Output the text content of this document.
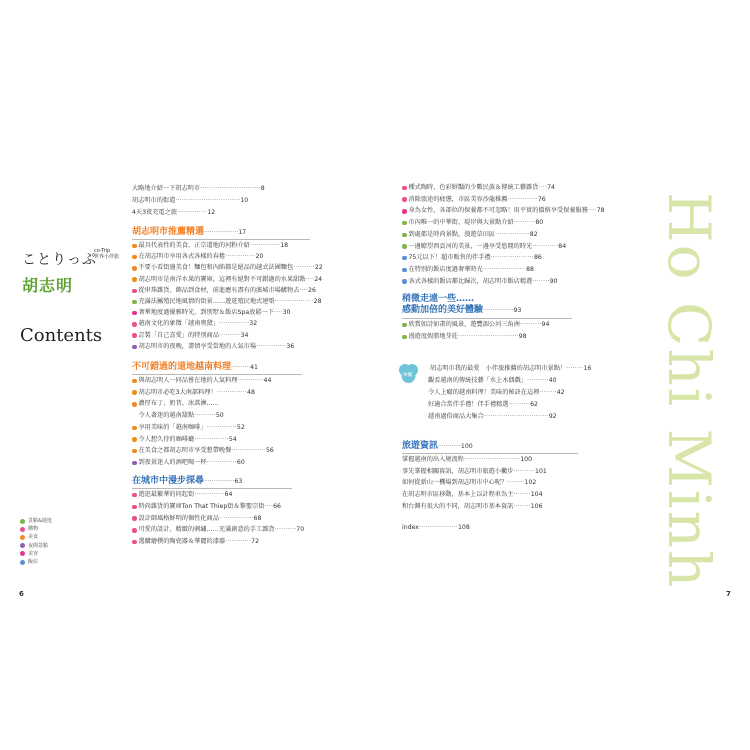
ことりっぷ
co-Trip
世界小伴旅
胡志明
Contents
景點&遊逛
購物
美食
夜間景點
美容
飯店
6
大略地介紹一下胡志明市 ···························· 8
胡志明市的街道 ······························ 10
4天3夜充電之旅 ·············· 12
胡志明市推薦精選··················17
最具代表性的美食，正宗道地的河粉介紹 ·············· 18
在胡志明市享用各式各樣的春捲 ·············· 20
不要小看街邊美食！麵包和內餡都是絕品的越式法國麵包 ·········· 22
胡志明市是南洋水果的寶庫，這裡有絕對不可錯過的水果甜點 ···· 24
從串珠雜貨、飾品到食材，前進應有盡有的濱城市場購物去 ···· 26
充滿法屬殖民地風情的街景……遊逛殖民地式建築 ·················· 28
奢華地度過優雅時光，到別墅＆飯店Spa放鬆一下 ···· 30
越南文化的象徵「越南奧黛」 ·············· 32
訂製「自己喜愛」的特別商品 ·········· 34
胡志明市的夜晚，盡情享受當地的人氣市場 ·············· 36
不可錯過的道地越南料理··········41
與胡志明人一同品嘗在地的人氣料理 ············ 44
胡志明市必吃3大南部料理！ ·············· 48
濃厚布丁、奶昔、冰淇淋……
令人著迷的越南甜點 ·········· 50
享用美味的「越南咖啡」 ·············· 52
令人想久待的咖啡廳 ················ 54
在美食之都胡志明市享受想帶晚餐 ················ 56
到夜景迷人的酒吧喝一杯 ·············· 60
在城市中漫步探尋················63
遊逛最繁華的同起街 ·············· 64
時尚雜貨的寶庫Ton That Thiep街＆黎聖宗街 ···· 66
設計師風格鮮明的個性化商品 ················ 68
可愛的設計、精緻的刺繡……充滿創意的手工雜貨 ·········· 70
選購繪樸的陶瓷器＆華麗的漆器 ············ 72
種式陶時，色彩鮮豔的少數民族＆傳統工藝雜貨 ···· 74
消除旅途的疲憊，市區美容沙龍推薦 ·············· 76
身為女性，各部位的保養都不可忽略！用平實的價格享受保養服務 ···· 78
市內唯一的中華街，堤岸與大景點介紹 ·········· 80
到處都是時尚景點，漫遊草田區 ················ 82
一邊瞭望西貢河的美景，一邊享受悠閒的時光 ············ 84
75元以下！超市販售的伴手禮 ···················· 86
在特別的飯店度過奢華時光 ···················· 88
各式各樣的飯店鄰比歸次，胡志明市飯店精選 ········ 90
稍微走遠一些……
感動加倍的美好體驗················93
欣賞如詩如畫的風景，遊覽湄公河三角洲 ·········· 94
漫遊度假勝地芽莊 ···························· 98
胡志明市我的最愛　小伴旅推薦的胡志明市景點！ ········ 16
觀看越南的傳統技藝「水上木偶戲」 ·········· 40
令人上癮的越南料理！美味的秘訣在這裡 ········ 42
好適合當伴手禮！伴手禮精選 ·········· 62
越南過俗商品大集合 ······························ 92
旅遊資訊············100
掌握越南的出入境流程 ·························· 100
事先掌握相關資訊，胡志明市旅遊小撇步 ·········· 101
如何從新山一機場到胡志明市中心呢？ ········ 102
在胡志明市區移動，基本上以計程車為主 ········ 104
和台灣有很大的不同，胡志明市基本資訊 ········ 106
index ·················· 108
專欄	Ho Chi Minh
7
